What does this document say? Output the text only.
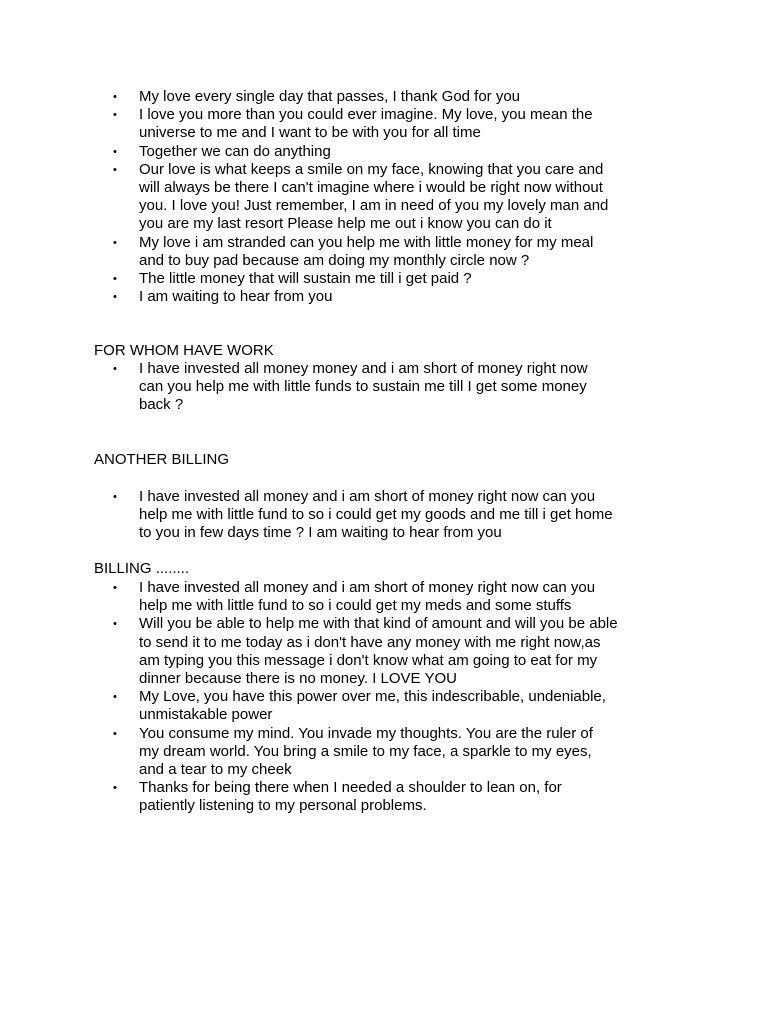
• My love every single day that passes, I thank God for you
• I love you more than you could ever imagine. My love, you mean the
universe to me and I want to be with you for all time
• Together we can do anything
• Our love is what keeps a smile on my face, knowing that you care and
will always be there I can't imagine where i would be right now without
you. I love you! Just remember, I am in need of you my lovely man and
you are my last resort Please help me out i know you can do it
• My love i am stranded can you help me with little money for my meal
and to buy pad because am doing my monthly circle now ?
• The little money that will sustain me till i get paid ?
• I am waiting to hear from you
FOR WHOM HAVE WORK
• I have invested all money money and i am short of money right now
can you help me with little funds to sustain me till I get some money
back ?
ANOTHER BILLING
• I have invested all money and i am short of money right now can you
help me with little fund to so i could get my goods and me till i get home
to you in few days time ? I am waiting to hear from you
BILLING ........
• I have invested all money and i am short of money right now can you
help me with little fund to so i could get my meds and some stuffs
• Will you be able to help me with that kind of amount and will you be able
to send it to me today as i don't have any money with me right now,as
am typing you this message i don't know what am going to eat for my
dinner because there is no money. I LOVE YOU
• My Love, you have this power over me, this indescribable, undeniable,
unmistakable power
• You consume my mind. You invade my thoughts. You are the ruler of
my dream world. You bring a smile to my face, a sparkle to my eyes,
and a tear to my cheek
• Thanks for being there when I needed a shoulder to lean on, for
patiently listening to my personal problems.
